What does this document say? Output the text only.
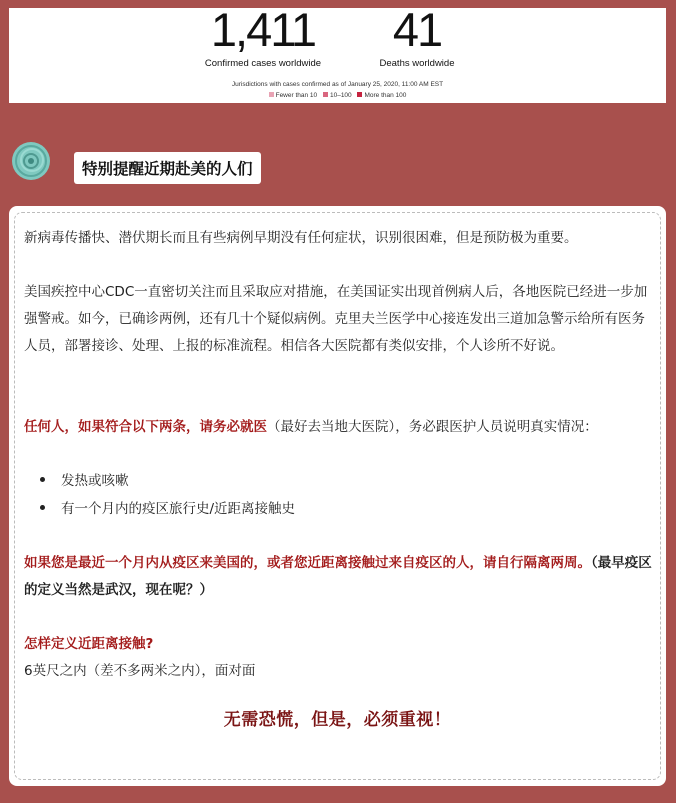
1,411
Confirmed cases worldwide
41
Deaths worldwide
Jurisdictions with cases confirmed as of January 25, 2020, 11:00 AM EST
Fewer than 10 10–100 More than 100
特别提醒近期赴美的人们

新病毒传播快、潜伏期长而且有些病例早期没有任何症状，识别很困难，但是预防极为重要。

美国疾控中心CDC一直密切关注而且采取应对措施，在美国证实出现首例病人后，各地医院已经进一步加强警戒。如今，已确诊两例，还有几十个疑似病例。克里夫兰医学中心接连发出三道加急警示给所有医务人员，部署接诊、处理、上报的标准流程。相信各大医院都有类似安排，个人诊所不好说。

任何人，如果符合以下两条，请务必就医（最好去当地大医院），务必跟医护人员说明真实情况：

发热或咳嗽
有一个月内的疫区旅行史/近距离接触史

如果您是最近一个月内从疫区来美国的，或者您近距离接触过来自疫区的人，请自行隔离两周。（最早疫区的定义当然是武汉，现在呢？）

怎样定义近距离接触?

6英尺之内（差不多两米之内），面对面

无需恐慌，但是，必须重视！
